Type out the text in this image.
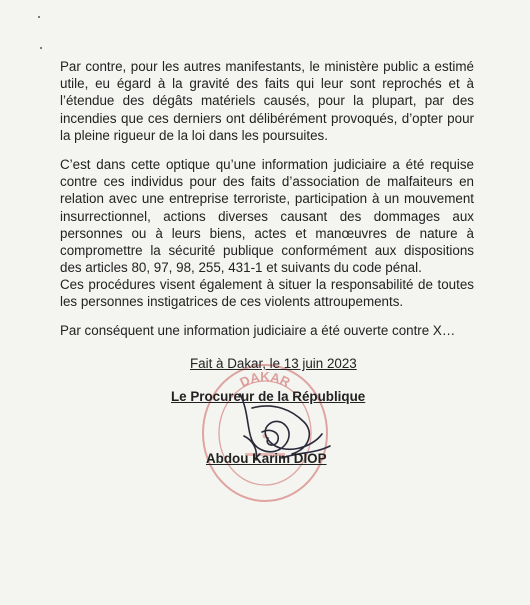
Par contre, pour les autres manifestants, le ministère public a estimé utile, eu égard à la gravité des faits qui leur sont reprochés et à l’étendue des dégâts matériels causés, pour la plupart, par des incendies que ces derniers ont délibérément provoqués, d’opter pour la pleine rigueur de la loi dans les poursuites.

C’est dans cette optique qu’une information judiciaire a été requise contre ces individus pour des faits d’association de malfaiteurs en relation avec une entreprise terroriste, participation à un mouvement insurrectionnel, actions diverses causant des dommages aux personnes ou à leurs biens, actes et manœuvres de nature à compromettre la sécurité publique conformément aux dispositions des articles 80, 97, 98, 255, 431-1 et suivants du code pénal.

Ces procédures visent également à situer la responsabilité de toutes les personnes instigatrices de ces violents attroupements.

Par conséquent une information judiciaire a été ouverte contre X…

DAKAR
Fait à Dakar, le 13 juin 2023
Le Procureur de la République
Abdou Karim DIOP
